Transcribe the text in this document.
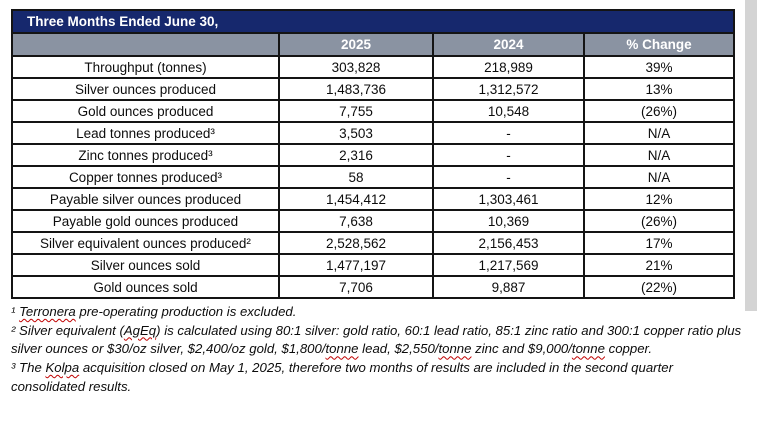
Three Months Ended June 30,			
	2025	2024	% Change
Throughput (tonnes)	303,828	218,989	39%
Silver ounces produced	1,483,736	1,312,572	13%
Gold ounces produced	7,755	10,548	(26%)
Lead tonnes produced³	3,503	-	N/A
Zinc tonnes produced³	2,316	-	N/A
Copper tonnes produced³	58	-	N/A
Payable silver ounces produced	1,454,412	1,303,461	12%
Payable gold ounces produced	7,638	10,369	(26%)
Silver equivalent ounces produced²	2,528,562	2,156,453	17%
Silver ounces sold	1,477,197	1,217,569	21%
Gold ounces sold	7,706	9,887	(22%)

¹ Terronera pre-operating production is excluded.

² Silver equivalent (AgEq) is calculated using 80:1 silver: gold ratio, 60:1 lead ratio, 85:1 zinc ratio and 300:1 copper ratio plus silver ounces or $30/oz silver, $2,400/oz gold, $1,800/tonne lead, $2,550/tonne zinc and $9,000/tonne copper.

³ The Kolpa acquisition closed on May 1, 2025, therefore two months of results are included in the second quarter consolidated results.
